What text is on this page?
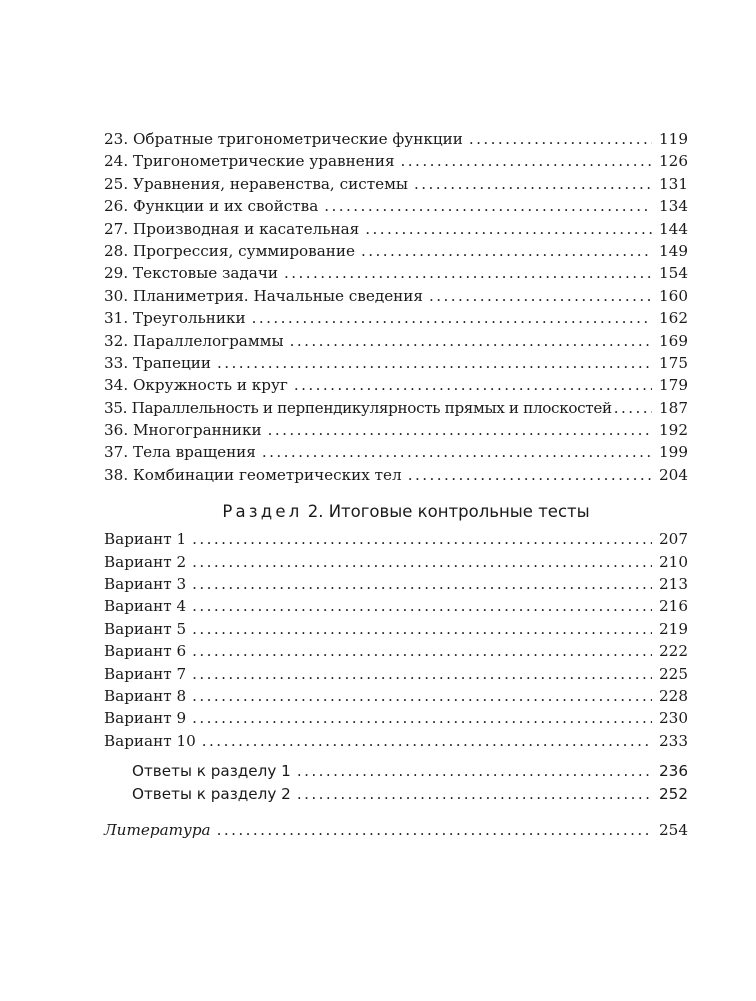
23. Обратные тригонометрические функции . . .	119
24. Тригонометрические уравнения . . .	126
25. Уравнения, неравенства, системы . . .	131
26. Функции и их свойства . . .	134
27. Производная и касательная . . .	144
28. Прогрессия, суммирование . . .	149
29. Текстовые задачи . . .	154
30. Планиметрия. Начальные сведения . . .	160
31. Треугольники . . .	162
32. Параллелограммы . . .	169
33. Трапеции . . .	175
34. Окружность и круг . . .	179
35. Параллельность и перпендикулярность прямых и плоскостей . . .	187
36. Многогранники . . .	192
37. Тела вращения . . .	199
38. Комбинации геометрических тел . . .	204
Раздел 2. Итоговые контрольные тесты
Вариант 1 . . .	207
Вариант 2 . . .	210
Вариант 3 . . .	213
Вариант 4 . . .	216
Вариант 5 . . .	219
Вариант 6 . . .	222
Вариант 7 . . .	225
Вариант 8 . . .	228
Вариант 9 . . .	230
Вариант 10 . . .	233
Ответы к разделу 1 . . .	236
Ответы к разделу 2 . . .	252
Литература . . .	254
